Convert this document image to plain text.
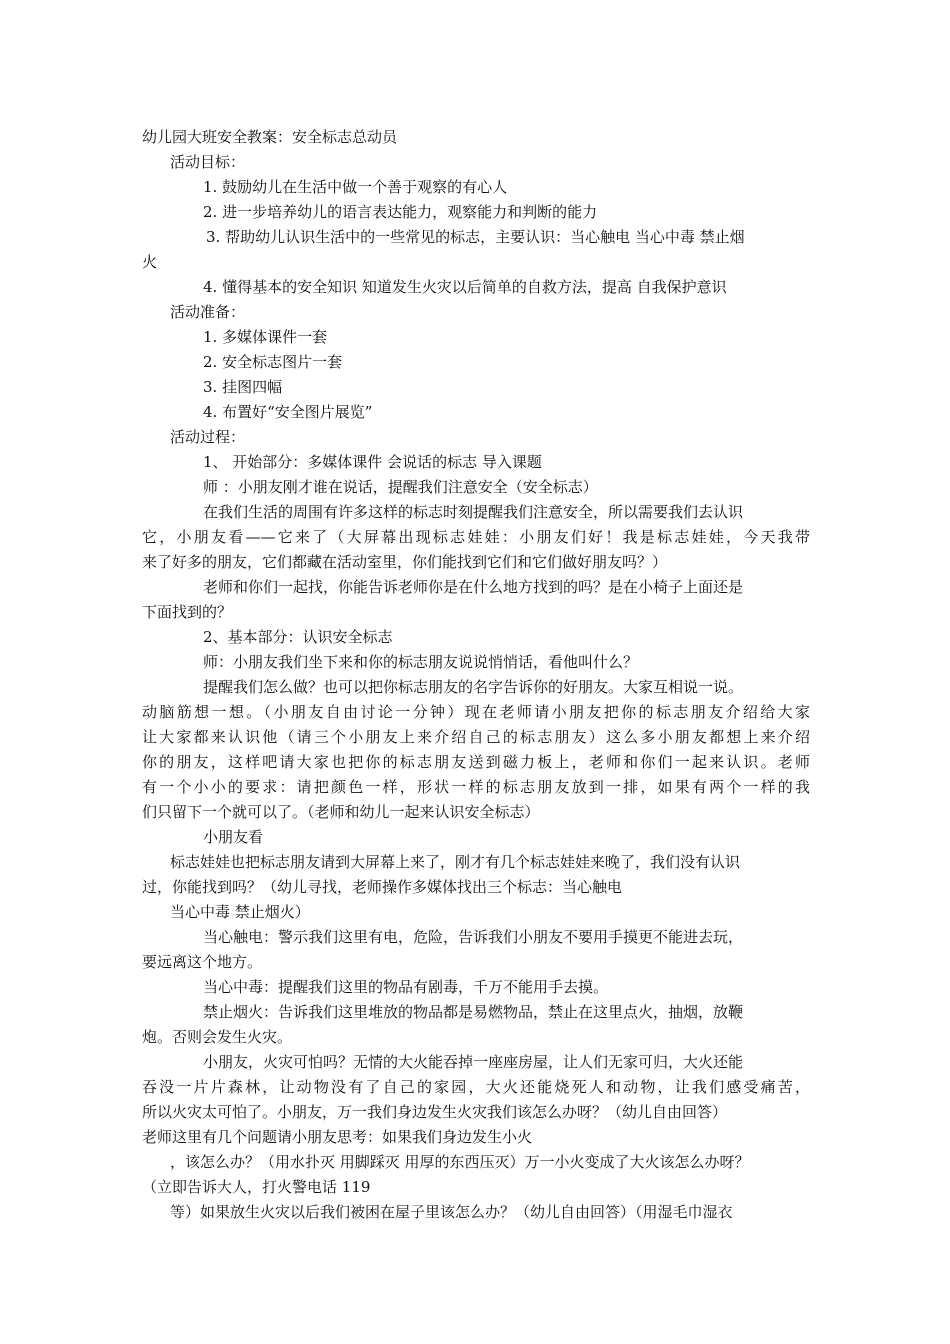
幼儿园大班安全教案：安全标志总动员
活动目标：
1. 鼓励幼儿在生活中做一个善于观察的有心人
2. 进一步培养幼儿的语言表达能力，观察能力和判断的能力
3. 帮助幼儿认识生活中的一些常见的标志，主要认识：当心触电 当心中毒 禁止烟
火
4. 懂得基本的安全知识 知道发生火灾以后简单的自救方法，提高 自我保护意识
活动准备：
1. 多媒体课件一套
2. 安全标志图片一套
3. 挂图四幅
4. 布置好“安全图片展览”
活动过程：
1、 开始部分：多媒体课件 会说话的标志 导入课题
师 ：小朋友刚才谁在说话，提醒我们注意安全（安全标志）
在我们生活的周围有许多这样的标志时刻提醒我们注意安全，所以需要我们去认识
它，小朋友看——它来了（大屏幕出现标志娃娃：小朋友们好！我是标志娃娃，今天我带
来了好多的朋友，它们都藏在活动室里，你们能找到它们和它们做好朋友吗？）
老师和你们一起找，你能告诉老师你是在什么地方找到的吗？是在小椅子上面还是
下面找到的？
2、基本部分：认识安全标志
师：小朋友我们坐下来和你的标志朋友说说悄悄话，看他叫什么？
提醒我们怎么做？也可以把你标志朋友的名字告诉你的好朋友。大家互相说一说。
动脑筋想一想。（小朋友自由讨论一分钟）现在老师请小朋友把你的标志朋友介绍给大家
让大家都来认识他（请三个小朋友上来介绍自己的标志朋友）这么多小朋友都想上来介绍
你的朋友，这样吧请大家也把你的标志朋友送到磁力板上，老师和你们一起来认识。老师
有一个小小的要求：请把颜色一样，形状一样的标志朋友放到一排，如果有两个一样的我
们只留下一个就可以了。（老师和幼儿一起来认识安全标志）
小朋友看
标志娃娃也把标志朋友请到大屏幕上来了，刚才有几个标志娃娃来晚了，我们没有认识
过，你能找到吗？（幼儿寻找，老师操作多媒体找出三个标志：当心触电
当心中毒 禁止烟火）
当心触电：警示我们这里有电，危险，告诉我们小朋友不要用手摸更不能进去玩，
要远离这个地方。
当心中毒：提醒我们这里的物品有剧毒，千万不能用手去摸。
禁止烟火：告诉我们这里堆放的物品都是易燃物品，禁止在这里点火，抽烟，放鞭
炮。否则会发生火灾。
小朋友，火灾可怕吗？无情的大火能吞掉一座座房屋，让人们无家可归，大火还能
吞没一片片森林，让动物没有了自己的家园，大火还能烧死人和动物，让我们感受痛苦，
所以火灾太可怕了。小朋友，万一我们身边发生火灾我们该怎么办呀？（幼儿自由回答）
老师这里有几个问题请小朋友思考：如果我们身边发生小火
，该怎么办？（用水扑灭 用脚踩灭 用厚的东西压灭）万一小火变成了大火该怎么办呀？
（立即告诉大人，打火警电话 119
等）如果放生火灾以后我们被困在屋子里该怎么办？（幼儿自由回答）（用湿毛巾湿衣
